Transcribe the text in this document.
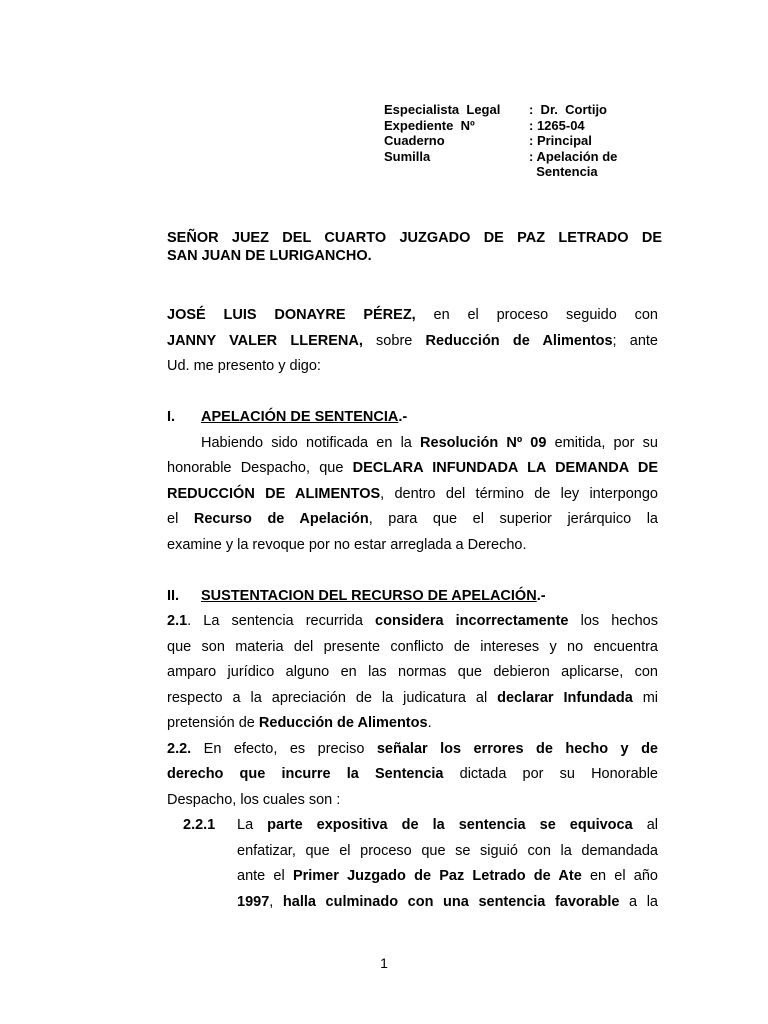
Especialista  Legal	:  Dr.  Cortijo
Expediente  Nº	: 1265-04
Cuaderno	: Principal
Sumilla	: Apelación de
Sentencia
SEÑOR JUEZ DEL CUARTO JUZGADO DE PAZ LETRADO DE
SAN JUAN DE LURIGANCHO.
JOSÉ LUIS DONAYRE PÉREZ, en el proceso seguido con
JANNY VALER LLERENA, sobre Reducción de Alimentos; ante
Ud. me presento y digo:
I.	APELACIÓN DE SENTENCIA.-
Habiendo sido notificada en la Resolución Nº 09 emitida, por su
honorable Despacho, que DECLARA INFUNDADA LA DEMANDA DE
REDUCCIÓN DE ALIMENTOS, dentro del término de ley interpongo
el Recurso de Apelación, para que el superior jerárquico la
examine y la revoque por no estar arreglada a Derecho.
II.	SUSTENTACION DEL RECURSO DE APELACIÓN.-
2.1. La sentencia recurrida considera incorrectamente los hechos
que son materia del presente conflicto de intereses y no encuentra
amparo jurídico alguno en las normas que debieron aplicarse, con
respecto a la apreciación de la judicatura al declarar Infundada mi
pretensión de Reducción de Alimentos.
2.2. En efecto, es preciso señalar los errores de hecho y de
derecho que incurre la Sentencia dictada por su Honorable
Despacho, los cuales son :
2.2.1	La parte expositiva de la sentencia se equivoca al
enfatizar, que el proceso que se siguió con la demandada
ante el Primer Juzgado de Paz Letrado de Ate en el año
1997, halla culminado con una sentencia favorable a la
1
